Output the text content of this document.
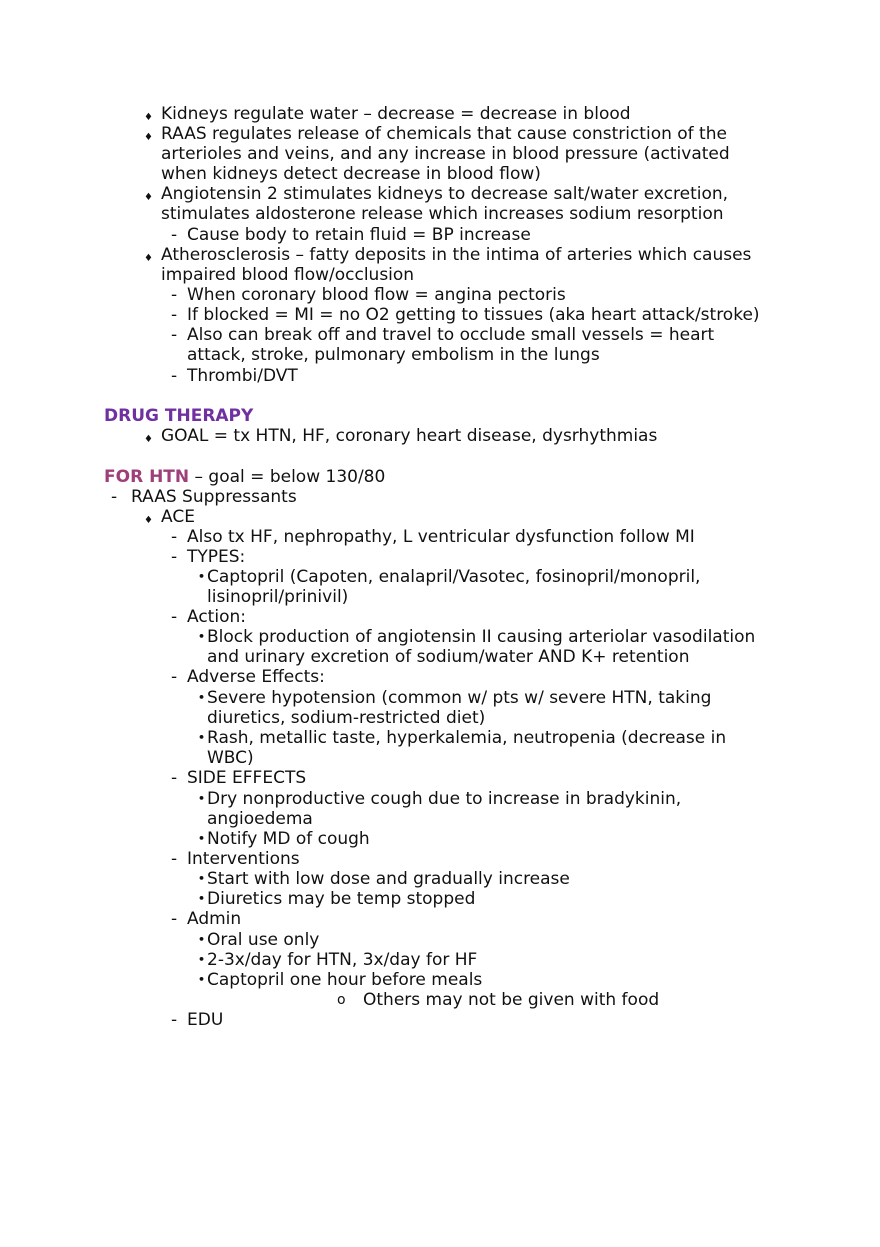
♦ Kidneys regulate water – decrease = decrease in blood
♦ RAAS regulates release of chemicals that cause constriction of the
arterioles and veins, and any increase in blood pressure (activated
when kidneys detect decrease in blood flow)
♦ Angiotensin 2 stimulates kidneys to decrease salt/water excretion,
stimulates aldosterone release which increases sodium resorption
- Cause body to retain fluid = BP increase
♦ Atherosclerosis – fatty deposits in the intima of arteries which causes
impaired blood flow/occlusion
- When coronary blood flow = angina pectoris
- If blocked = MI = no O2 getting to tissues (aka heart attack/stroke)
- Also can break off and travel to occlude small vessels = heart
attack, stroke, pulmonary embolism in the lungs
- Thrombi/DVT
DRUG THERAPY
♦ GOAL = tx HTN, HF, coronary heart disease, dysrhythmias
FOR HTN – goal = below 130/80
- RAAS Suppressants
♦ ACE
- Also tx HF, nephropathy, L ventricular dysfunction follow MI
- TYPES:
• Captopril (Capoten, enalapril/Vasotec, fosinopril/monopril,
lisinopril/prinivil)
- Action:
• Block production of angiotensin II causing arteriolar vasodilation
and urinary excretion of sodium/water AND K+ retention
- Adverse Effects:
• Severe hypotension (common w/ pts w/ severe HTN, taking
diuretics, sodium-restricted diet)
• Rash, metallic taste, hyperkalemia, neutropenia (decrease in
WBC)
- SIDE EFFECTS
• Dry nonproductive cough due to increase in bradykinin,
angioedema
• Notify MD of cough
- Interventions
• Start with low dose and gradually increase
• Diuretics may be temp stopped
- Admin
• Oral use only
• 2-3x/day for HTN, 3x/day for HF
• Captopril one hour before meals
o Others may not be given with food
- EDU
